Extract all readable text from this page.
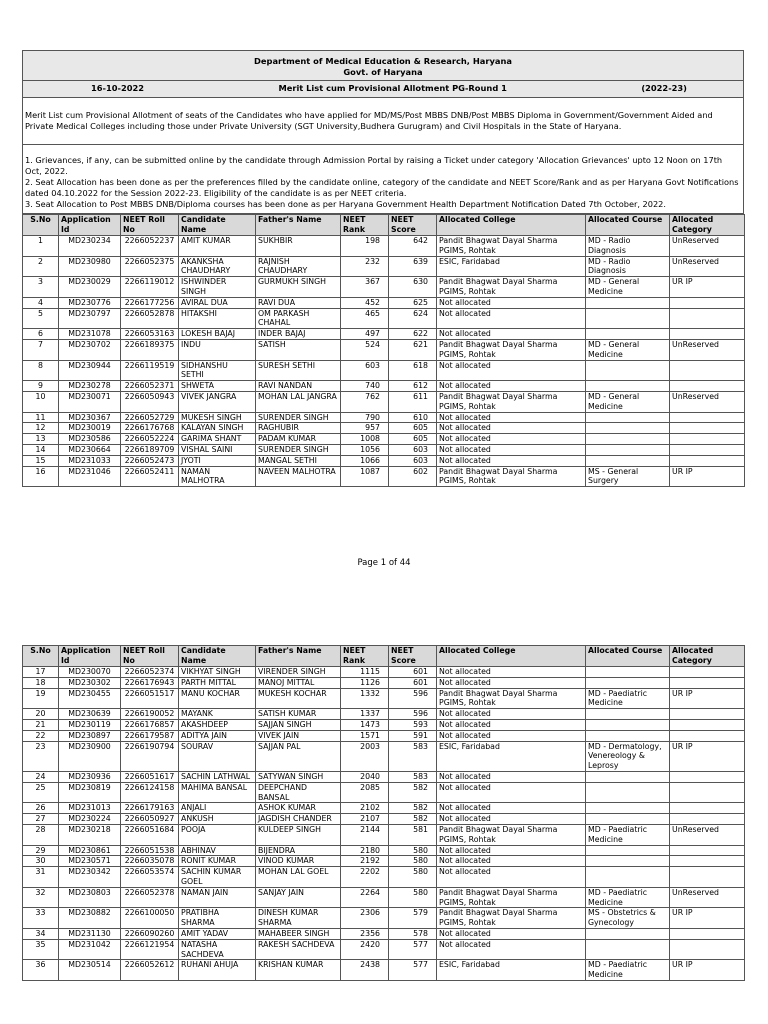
Department of Medical Education & Research, Haryana
Govt. of Haryana
16-10-2022	Merit List cum Provisional Allotment PG-Round 1	(2022-23)
Merit List cum Provisional Allotment of seats of the Candidates who have applied for MD/MS/Post MBBS DNB/Post MBBS Diploma in Government/Government Aided and Private Medical Colleges including those under Private University (SGT University,Budhera Gurugram) and Civil Hospitals in the State of Haryana.
1. Grievances, if any, can be submitted online by the candidate through Admission Portal by raising a Ticket under category 'Allocation Grievances' upto 12 Noon on 17th Oct, 2022.
2. Seat Allocation has been done as per the preferences filled by the candidate online, category of the candidate and NEET Score/Rank and as per Haryana Govt Notifications dated 04.10.2022 for the Session 2022-23. Eligibility of the candidate is as per NEET criteria.
3. Seat Allocation to Post MBBS DNB/Diploma courses has been done as per Haryana Government Health Department Notification Dated 7th October, 2022.
S.No	Application Id	NEET Roll No	Candidate Name	Father's Name	NEET Rank	NEET Score	Allocated College	Allocated Course	Allocated Category
1	MD230234	2266052237	AMIT KUMAR	SUKHBIR	198	642	Pandit Bhagwat Dayal Sharma PGIMS, Rohtak	MD - Radio Diagnosis	UnReserved
2	MD230980	2266052375	AKANKSHA CHAUDHARY	RAJNISH CHAUDHARY	232	639	ESIC, Faridabad	MD - Radio Diagnosis	UnReserved
3	MD230029	2266119012	ISHWINDER SINGH	GURMUKH SINGH	367	630	Pandit Bhagwat Dayal Sharma PGIMS, Rohtak	MD - General Medicine	UR IP
4	MD230776	2266177256	AVIRAL DUA	RAVI DUA	452	625	Not allocated		
5	MD230797	2266052878	HITAKSHI	OM PARKASH CHAHAL	465	624	Not allocated		
6	MD231078	2266053163	LOKESH BAJAJ	INDER BAJAJ	497	622	Not allocated		
7	MD230702	2266189375	INDU	SATISH	524	621	Pandit Bhagwat Dayal Sharma PGIMS, Rohtak	MD - General Medicine	UnReserved
8	MD230944	2266119519	SIDHANSHU SETHI	SURESH SETHI	603	618	Not allocated		
9	MD230278	2266052371	SHWETA	RAVI NANDAN	740	612	Not allocated		
10	MD230071	2266050943	VIVEK JANGRA	MOHAN LAL JANGRA	762	611	Pandit Bhagwat Dayal Sharma PGIMS, Rohtak	MD - General Medicine	UnReserved
11	MD230367	2266052729	MUKESH SINGH	SURENDER SINGH	790	610	Not allocated		
12	MD230019	2266176768	KALAYAN SINGH	RAGHUBIR	957	605	Not allocated		
13	MD230586	2266052224	GARIMA SHANT	PADAM KUMAR	1008	605	Not allocated		
14	MD230664	2266189709	VISHAL SAINI	SURENDER SINGH	1056	603	Not allocated		
15	MD231033	2266052473	JYOTI	MANGAL SETHI	1066	603	Not allocated		
16	MD231046	2266052411	NAMAN MALHOTRA	NAVEEN MALHOTRA	1087	602	Pandit Bhagwat Dayal Sharma PGIMS, Rohtak	MS - General Surgery	UR IP
Page 1 of 44
S.No	Application Id	NEET Roll No	Candidate Name	Father's Name	NEET Rank	NEET Score	Allocated College	Allocated Course	Allocated Category
17	MD230070	2266052374	VIKHYAT SINGH	VIRENDER SINGH	1115	601	Not allocated		
18	MD230302	2266176943	PARTH MITTAL	MANOJ MITTAL	1126	601	Not allocated		
19	MD230455	2266051517	MANU KOCHAR	MUKESH KOCHAR	1332	596	Pandit Bhagwat Dayal Sharma PGIMS, Rohtak	MD - Paediatric Medicine	UR IP
20	MD230639	2266190052	MAYANK	SATISH KUMAR	1337	596	Not allocated		
21	MD230119	2266176857	AKASHDEEP	SAJJAN SINGH	1473	593	Not allocated		
22	MD230897	2266179587	ADITYA JAIN	VIVEK JAIN	1571	591	Not allocated		
23	MD230900	2266190794	SOURAV	SAJJAN PAL	2003	583	ESIC, Faridabad	MD - Dermatology, Venereology & Leprosy	UR IP
24	MD230936	2266051617	SACHIN LATHWAL	SATYWAN SINGH	2040	583	Not allocated		
25	MD230819	2266124158	MAHIMA BANSAL	DEEPCHAND BANSAL	2085	582	Not allocated		
26	MD231013	2266179163	ANJALI	ASHOK KUMAR	2102	582	Not allocated		
27	MD230224	2266050927	ANKUSH	JAGDISH CHANDER	2107	582	Not allocated		
28	MD230218	2266051684	POOJA	KULDEEP SINGH	2144	581	Pandit Bhagwat Dayal Sharma PGIMS, Rohtak	MD - Paediatric Medicine	UnReserved
29	MD230861	2266051538	ABHINAV	BIJENDRA	2180	580	Not allocated		
30	MD230571	2266035078	RONIT KUMAR	VINOD KUMAR	2192	580	Not allocated		
31	MD230342	2266053574	SACHIN KUMAR GOEL	MOHAN LAL GOEL	2202	580	Not allocated		
32	MD230803	2266052378	NAMAN JAIN	SANJAY JAIN	2264	580	Pandit Bhagwat Dayal Sharma PGIMS, Rohtak	MD - Paediatric Medicine	UnReserved
33	MD230882	2266100050	PRATIBHA SHARMA	DINESH KUMAR SHARMA	2306	579	Pandit Bhagwat Dayal Sharma PGIMS, Rohtak	MS - Obstetrics & Gynecology	UR IP
34	MD231130	2266090260	AMIT YADAV	MAHABEER SINGH	2356	578	Not allocated		
35	MD231042	2266121954	NATASHA SACHDEVA	RAKESH SACHDEVA	2420	577	Not allocated		
36	MD230514	2266052612	RUHANI AHUJA	KRISHAN KUMAR	2438	577	ESIC, Faridabad	MD - Paediatric Medicine	UR IP
